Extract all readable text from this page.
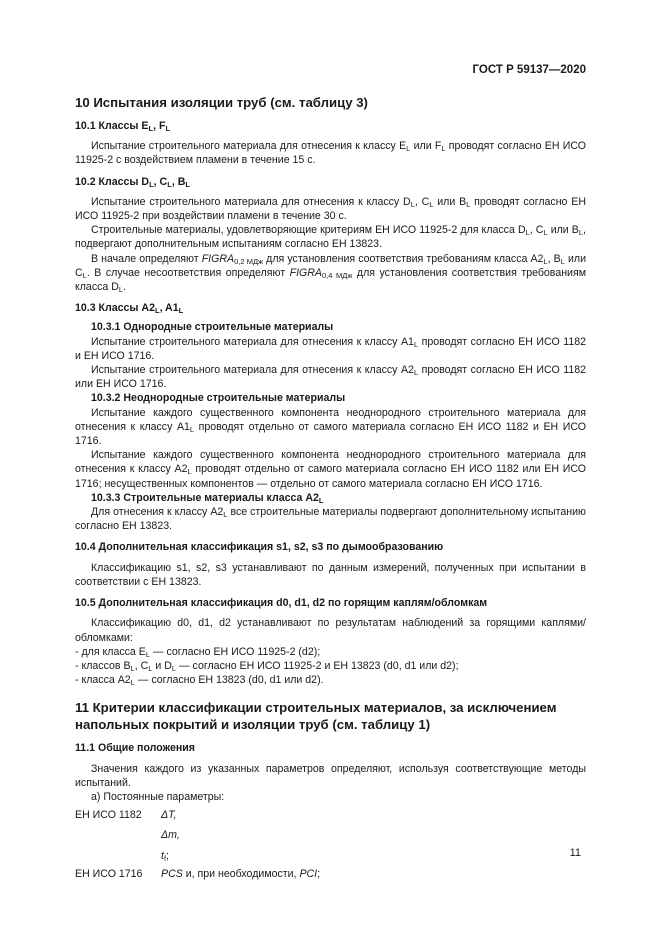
ГОСТ Р 59137—2020
10 Испытания изоляции труб (см. таблицу 3)
10.1 Классы $E_L$, $F_L$
Испытание строительного материала для отнесения к классу $E_L$ или $F_L$ проводят согласно ЕН ИСО 11925-2 с воздействием пламени в течение 15 с.
10.2 Классы $D_L$, $C_L$, $B_L$
Испытание строительного материала для отнесения к классу $D_L$, $C_L$ или $B_L$ проводят согласно ЕН ИСО 11925-2 при воздействии пламени в течение 30 с.
Строительные материалы, удовлетворяющие критериям ЕН ИСО 11925-2 для класса $D_L$, $C_L$ или $B_L$, подвергают дополнительным испытаниям согласно ЕН 13823.
В начале определяют $FIGRA_{0,2 МДж}$ для установления соответствия требованиям класса $A2_L$, $B_L$ или $C_L$. В случае несоответствия определяют $FIGRA_{0,4 МДж}$ для установления соответствия требованиям класса $D_L$.
10.3 Классы $A2_L$, $A1_L$
10.3.1 Однородные строительные материалы
Испытание строительного материала для отнесения к классу $A1_L$ проводят согласно ЕН ИСО 1182 и ЕН ИСО 1716.
Испытание строительного материала для отнесения к классу $A2_L$ проводят согласно ЕН ИСО 1182 или ЕН ИСО 1716.
10.3.2 Неоднородные строительные материалы
Испытание каждого существенного компонента неоднородного строительного материала для отнесения к классу $A1_L$ проводят отдельно от самого материала согласно ЕН ИСО 1182 и ЕН ИСО 1716.
Испытание каждого существенного компонента неоднородного строительного материала для отнесения к классу $A2_L$ проводят отдельно от самого материала согласно ЕН ИСО 1182 или ЕН ИСО 1716; несущественных компонентов — отдельно от самого материала согласно ЕН ИСО 1716.
10.3.3 Строительные материалы класса $A2_L$
Для отнесения к классу $A2_L$ все строительные материалы подвергают дополнительному испытанию согласно ЕН 13823.
10.4 Дополнительная классификация s1, s2, s3 по дымообразованию
Классификацию s1, s2, s3 устанавливают по данным измерений, полученных при испытании в соответствии с ЕН 13823.
10.5 Дополнительная классификация d0, d1, d2 по горящим каплям/обломкам
Классификацию d0, d1, d2 устанавливают по результатам наблюдений за горящими каплями/обломками:
- для класса $E_L$ — согласно ЕН ИСО 11925-2 (d2);
- классов $B_L$, $C_L$ и $D_L$ — согласно ЕН ИСО 11925-2 и ЕН 13823 (d0, d1 или d2);
- класса $A2_L$ — согласно ЕН 13823 (d0, d1 или d2).
11 Критерии классификации строительных материалов, за исключением напольных покрытий и изоляции труб (см. таблицу 1)
11.1 Общие положения
Значения каждого из указанных параметров определяют, используя соответствующие методы испытаний.
а) Постоянные параметры:
ЕН ИСО 1182	ΔT,
Δm,
$t_f$;
ЕН ИСО 1716	PCS и, при необходимости, PCI;
11
